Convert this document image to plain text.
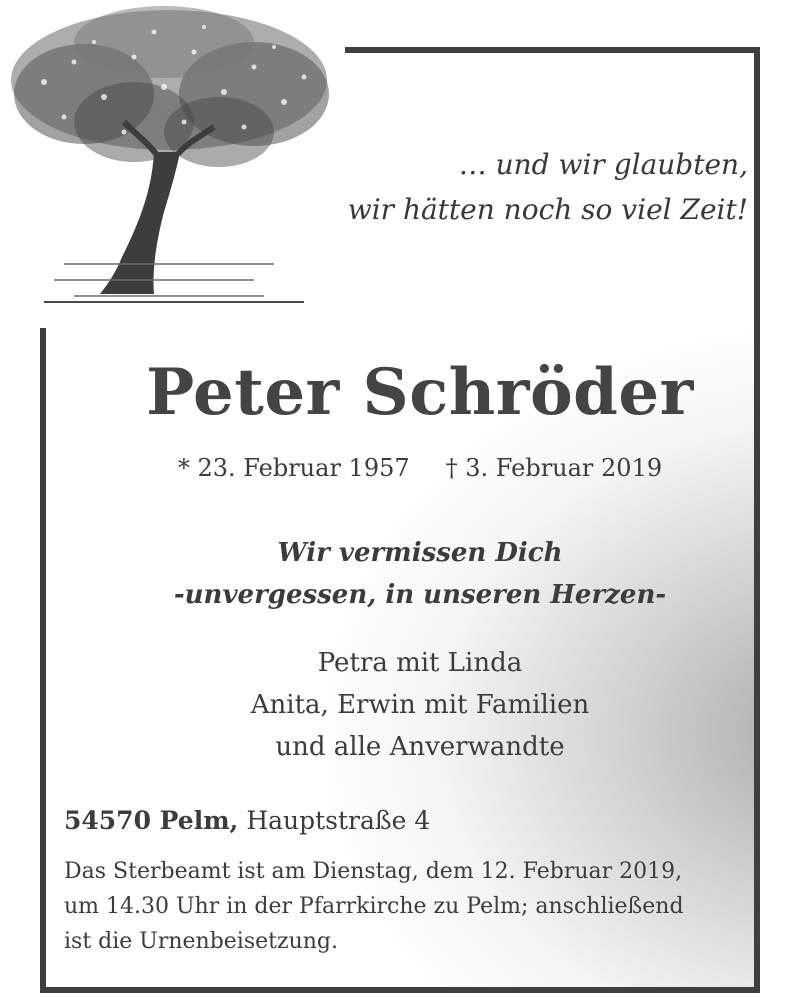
… und wir glaubten,
wir hätten noch so viel Zeit!
Peter Schröder
* 23. Februar 1957 † 3. Februar 2019
Wir vermissen Dich
-unvergessen, in unseren Herzen-
Petra mit Linda
Anita, Erwin mit Familien
und alle Anverwandte
54570 Pelm, Hauptstraße 4
Das Sterbeamt ist am Dienstag, dem 12. Februar 2019,
um 14.30 Uhr in der Pfarrkirche zu Pelm; anschließend
ist die Urnenbeisetzung.
